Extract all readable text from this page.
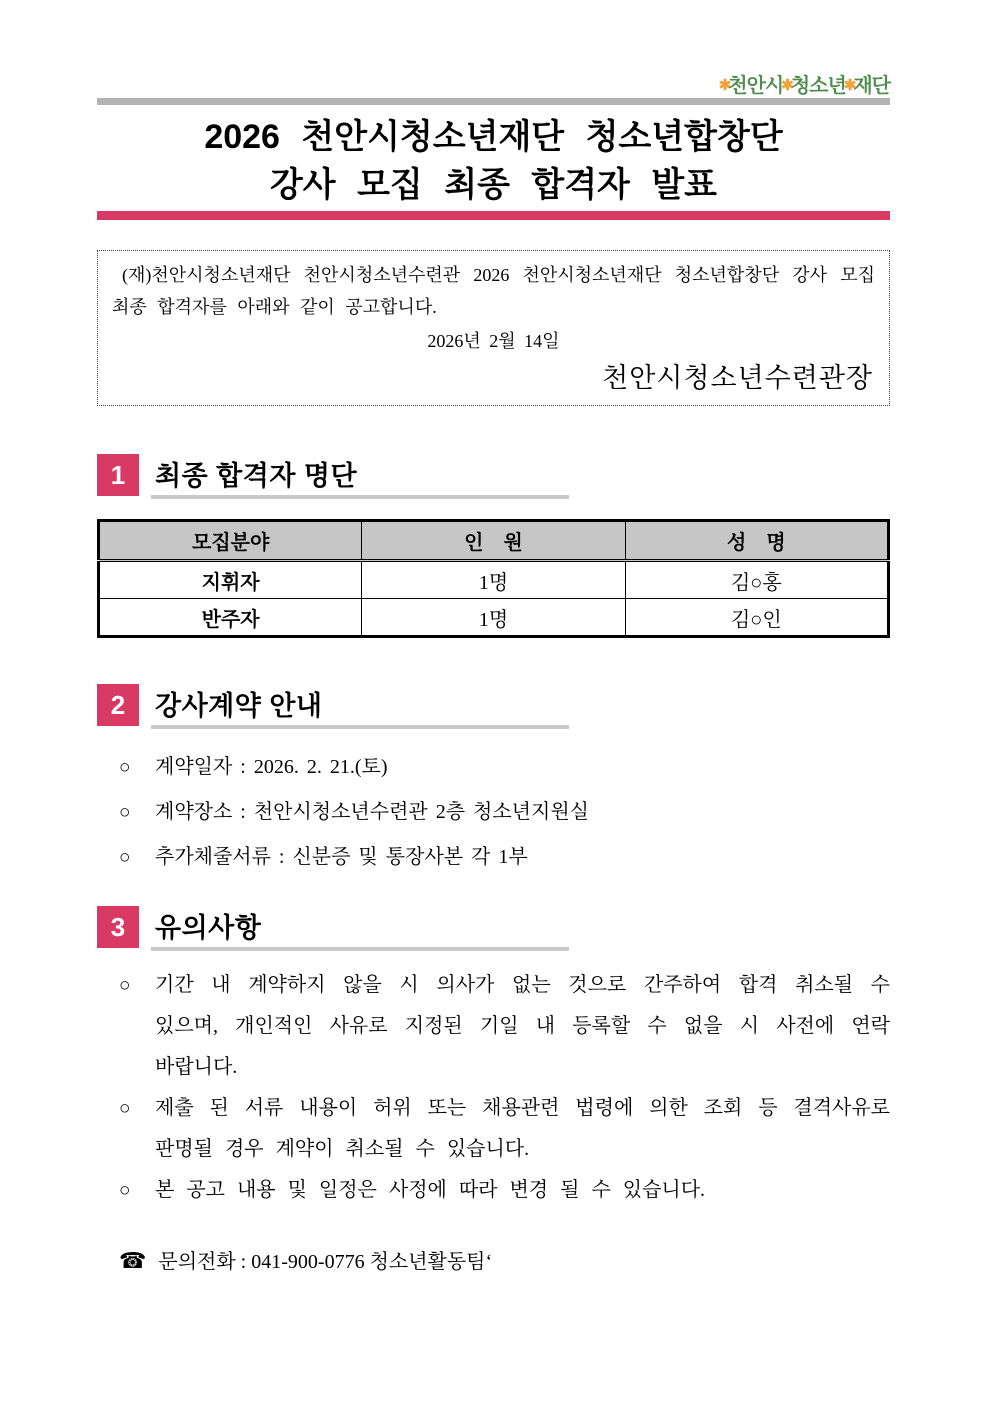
✱천안시✱청소년✱재단
2026 천안시청소년재단 청소년합창단
강사 모집 최종 합격자 발표

(재)천안시청소년재단 천안시청소년수련관 2026 천안시청소년재단 청소년합창단 강사 모집 최종 합격자를 아래와 같이 공고합니다.

2026년 2월 14일

천안시청소년수련관장

1	최종 합격자 명단
모집분야	인    원	성    명
지휘자	1명	김○홍
반주자	1명	김○인
2	강사계약 안내
○ 계약일자 : 2026. 2. 21.(토)
○ 계약장소 : 천안시청소년수련관 2층 청소년지원실
○ 추가체줄서류 : 신분증 및 통장사본 각 1부
3	유의사항
○ 기간 내 계약하지 않을 시 의사가 없는 것으로 간주하여 합격 취소될 수 있으며, 개인적인 사유로 지정된 기일 내 등록할 수 없을 시 사전에 연락 바랍니다.
○ 제출 된 서류 내용이 허위 또는 채용관련 법령에 의한 조회 등 결격사유로 판명될 경우 계약이 취소될 수 있습니다.
○ 본 공고 내용 및 일정은 사정에 따라 변경 될 수 있습니다.
☎ 문의전화 : 041-900-0776 청소년활동팀‘
